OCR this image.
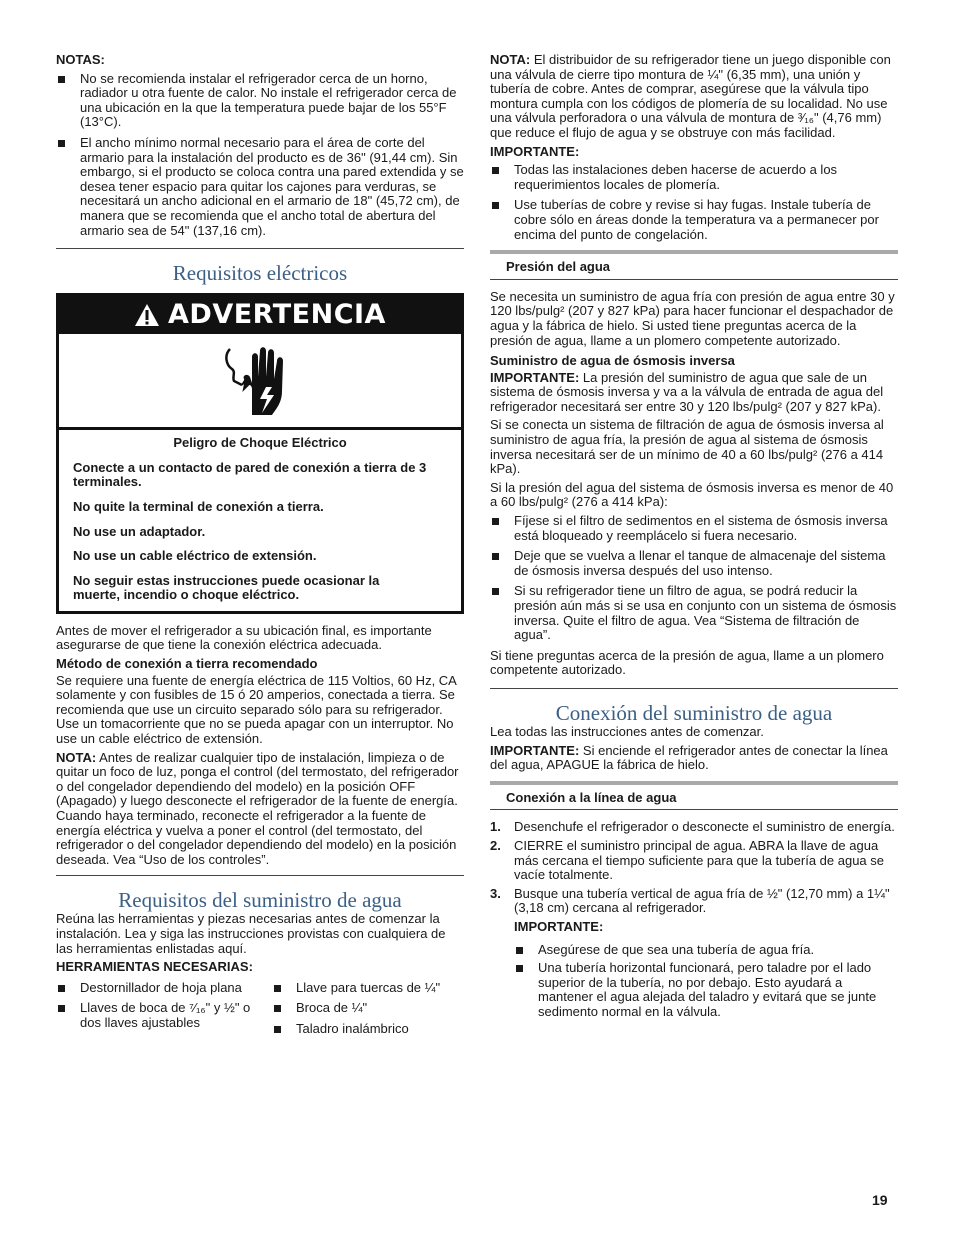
NOTAS:
No se recomienda instalar el refrigerador cerca de un horno, radiador u otra fuente de calor. No instale el refrigerador cerca de una ubicación en la que la temperatura puede bajar de los 55°F (13°C).
El ancho mínimo normal necesario para el área de corte del armario para la instalación del producto es de 36" (91,44 cm). Sin embargo, si el producto se coloca contra una pared extendida y se desea tener espacio para quitar los cajones para verduras, se necesitará un ancho adicional en el armario de 18" (45,72 cm), de manera que se recomienda que el ancho total de abertura del armario sea de 54" (137,16 cm).
Requisitos eléctricos
ADVERTENCIA

Peligro de Choque Eléctrico

Conecte a un contacto de pared de conexión a tierra de 3 terminales.

No quite la terminal de conexión a tierra.

No use un adaptador.

No use un cable eléctrico de extensión.

No seguir estas instrucciones puede ocasionar la muerte, incendio o choque eléctrico.

Antes de mover el refrigerador a su ubicación final, es importante asegurarse de que tiene la conexión eléctrica adecuada.

Método de conexión a tierra recomendado

Se requiere una fuente de energía eléctrica de 115 Voltios, 60 Hz, CA solamente y con fusibles de 15 ó 20 amperios, conectada a tierra. Se recomienda que use un circuito separado sólo para su refrigerador. Use un tomacorriente que no se pueda apagar con un interruptor. No use un cable eléctrico de extensión.

NOTA: Antes de realizar cualquier tipo de instalación, limpieza o de quitar un foco de luz, ponga el control (del termostato, del refrigerador o del congelador dependiendo del modelo) en la posición OFF (Apagado) y luego desconecte el refrigerador de la fuente de energía. Cuando haya terminado, reconecte el refrigerador a la fuente de energía eléctrica y vuelva a poner el control (del termostato, del refrigerador o del congelador dependiendo del modelo) en la posición deseada. Vea “Uso de los controles”.

Requisitos del suministro de agua

Reúna las herramientas y piezas necesarias antes de comenzar la instalación. Lea y siga las instrucciones provistas con cualquiera de las herramientas enlistadas aquí.

HERRAMIENTAS NECESARIAS:
Destornillador de hoja plana
Llaves de boca de ⁷⁄₁₆" y ½" o dos llaves ajustables
Llave para tuercas de ¼"
Broca de ¼"
Taladro inalámbrico

NOTA: El distribuidor de su refrigerador tiene un juego disponible con una válvula de cierre tipo montura de ¼" (6,35 mm), una unión y tubería de cobre. Antes de comprar, asegúrese que la válvula tipo montura cumpla con los códigos de plomería de su localidad. No use una válvula perforadora o una válvula de montura de ³⁄₁₆" (4,76 mm) que reduce el flujo de agua y se obstruye con más facilidad.

IMPORTANTE:
Todas las instalaciones deben hacerse de acuerdo a los requerimientos locales de plomería.
Use tuberías de cobre y revise si hay fugas. Instale tubería de cobre sólo en áreas donde la temperatura va a permanecer por encima del punto de congelación.
Presión del agua

Se necesita un suministro de agua fría con presión de agua entre 30 y 120 lbs/pulg² (207 y 827 kPa) para hacer funcionar el despachador de agua y la fábrica de hielo. Si usted tiene preguntas acerca de la presión de agua, llame a un plomero competente autorizado.

Suministro de agua de ósmosis inversa

IMPORTANTE: La presión del suministro de agua que sale de un sistema de ósmosis inversa y va a la válvula de entrada de agua del refrigerador necesitará ser entre 30 y 120 lbs/pulg² (207 y 827 kPa).

Si se conecta un sistema de filtración de agua de ósmosis inversa al suministro de agua fría, la presión de agua al sistema de ósmosis inversa necesitará ser de un mínimo de 40 a 60 lbs/pulg² (276 a 414 kPa).

Si la presión del agua del sistema de ósmosis inversa es menor de 40 a 60 lbs/pulg² (276 a 414 kPa):

Fíjese si el filtro de sedimentos en el sistema de ósmosis inversa está bloqueado y reemplácelo si fuera necesario.
Deje que se vuelva a llenar el tanque de almacenaje del sistema de ósmosis inversa después del uso intenso.
Si su refrigerador tiene un filtro de agua, se podrá reducir la presión aún más si se usa en conjunto con un sistema de ósmosis inversa. Quite el filtro de agua. Vea “Sistema de filtración de agua”.

Si tiene preguntas acerca de la presión de agua, llame a un plomero competente autorizado.

Conexión del suministro de agua

Lea todas las instrucciones antes de comenzar.

IMPORTANTE: Si enciende el refrigerador antes de conectar la línea del agua, APAGUE la fábrica de hielo.

Conexión a la línea de agua
1. Desenchufe el refrigerador o desconecte el suministro de energía.
2. CIERRE el suministro principal de agua. ABRA la llave de agua más cercana el tiempo suficiente para que la tubería de agua se vacíe totalmente.
3. Busque una tubería vertical de agua fría de ½" (12,70 mm) a 1¼" (3,18 cm) cercana al refrigerador.
IMPORTANTE:
Asegúrese de que sea una tubería de agua fría.
Una tubería horizontal funcionará, pero taladre por el lado superior de la tubería, no por debajo. Esto ayudará a mantener el agua alejada del taladro y evitará que se junte sedimento normal en la válvula.
19
